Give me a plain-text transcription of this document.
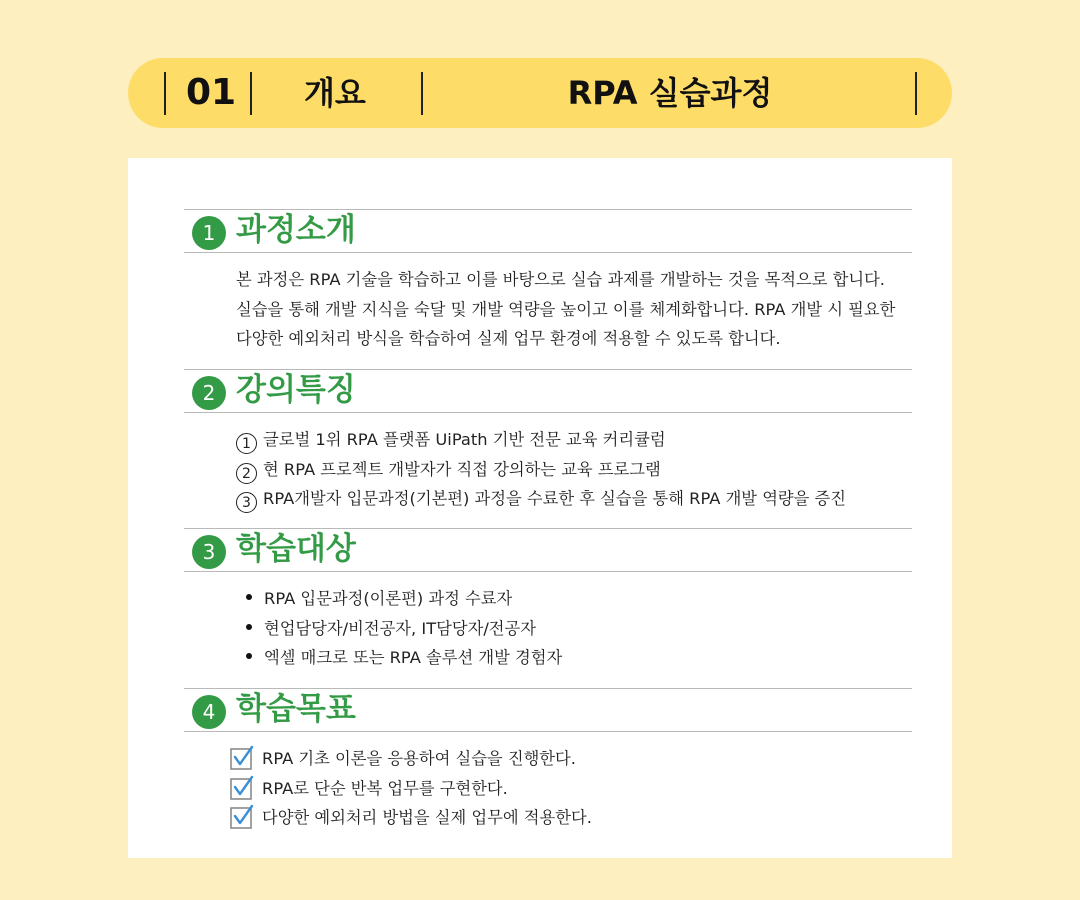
01 개요	RPA 실습과정
1 과정소개

본 과정은 RPA 기술을 학습하고 이를 바탕으로 실습 과제를 개발하는 것을 목적으로 합니다.

실습을 통해 개발 지식을 숙달 및 개발 역량을 높이고 이를 체계화합니다. RPA 개발 시 필요한

다양한 예외처리 방식을 학습하여 실제 업무 환경에 적용할 수 있도록 합니다.

2 강의특징
1 글로벌 1위 RPA 플랫폼 UiPath 기반 전문 교육 커리큘럼
2 현 RPA 프로젝트 개발자가 직접 강의하는 교육 프로그램
3 RPA개발자 입문과정(기본편) 과정을 수료한 후 실습을 통해 RPA 개발 역량을 증진
3 학습대상
RPA 입문과정(이론편) 과정 수료자
현업담당자/비전공자, IT담당자/전공자
엑셀 매크로 또는 RPA 솔루션 개발 경험자
4 학습목표
RPA 기초 이론을 응용하여 실습을 진행한다.
RPA로 단순 반복 업무를 구현한다.
다양한 예외처리 방법을 실제 업무에 적용한다.
